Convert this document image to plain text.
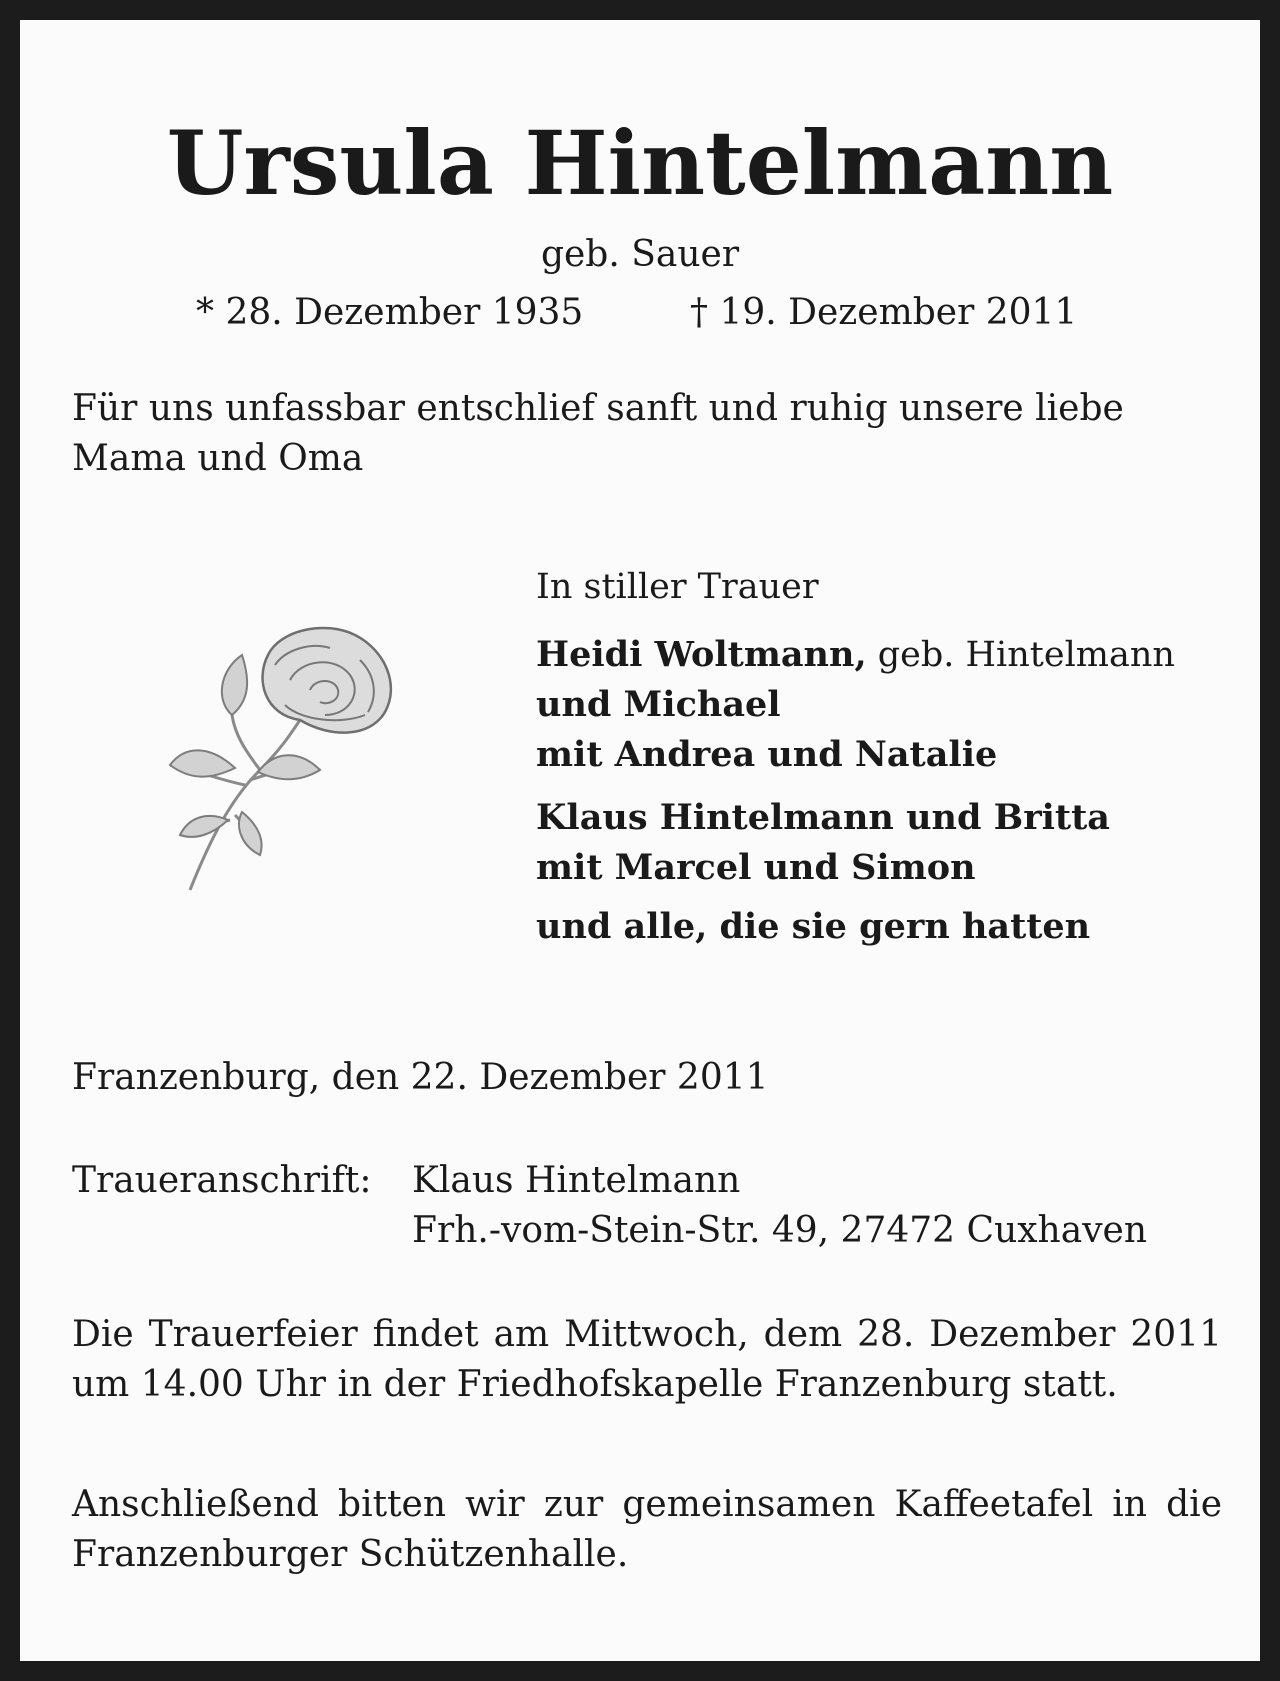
Ursula Hintelmann

geb. Sauer

* 28. Dezember 1935	† 19. Dezember 2011

Für uns unfassbar entschlief sanft und ruhig unsere liebe Mama und Oma

In stiller Trauer

Heidi Woltmann, geb. Hintelmann

und Michael

mit Andrea und Natalie

Klaus Hintelmann und Britta

mit Marcel und Simon

und alle, die sie gern hatten

Franzenburg, den 22. Dezember 2011

Traueranschrift: Klaus Hintelmann

Frh.-vom-Stein-Str. 49, 27472 Cuxhaven

Die Trauerfeier findet am Mittwoch, dem 28. Dezember 2011 um 14.00 Uhr in der Friedhofskapelle Franzenburg statt.

Anschließend bitten wir zur gemeinsamen Kaffeetafel in die Franzenburger Schützenhalle.
